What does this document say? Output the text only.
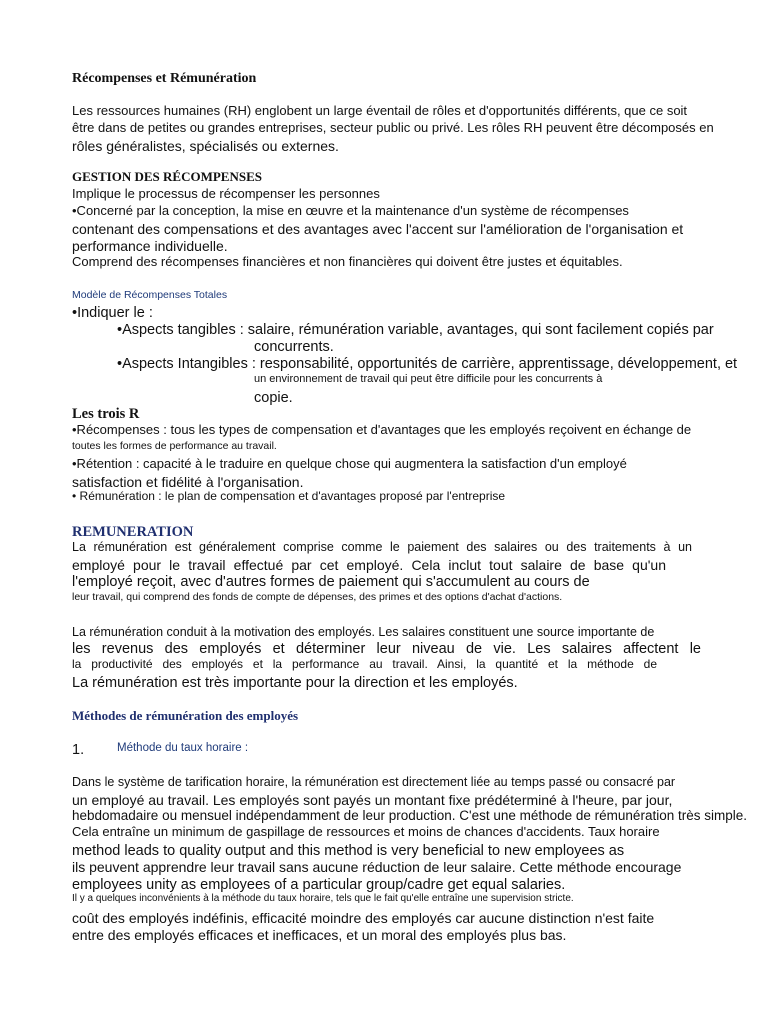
Récompenses et Rémunération

Les ressources humaines (RH) englobent un large éventail de rôles et d'opportunités différents, que ce soit

être dans de petites ou grandes entreprises, secteur public ou privé. Les rôles RH peuvent être décomposés en

rôles généralistes, spécialisés ou externes.

GESTION DES RÉCOMPENSES

Implique le processus de récompenser les personnes

•Concerné par la conception, la mise en œuvre et la maintenance d'un système de récompenses

contenant des compensations et des avantages avec l'accent sur l'amélioration de l'organisation et

performance individuelle.

Comprend des récompenses financières et non financières qui doivent être justes et équitables.

Modèle de Récompenses Totales

•Indiquer le :

•Aspects tangibles : salaire, rémunération variable, avantages, qui sont facilement copiés par

concurrents.

•Aspects Intangibles : responsabilité, opportunités de carrière, apprentissage, développement, et

un environnement de travail qui peut être difficile pour les concurrents à

copie.

Les trois R

•Récompenses : tous les types de compensation et d'avantages que les employés reçoivent en échange de

toutes les formes de performance au travail.

•Rétention : capacité à le traduire en quelque chose qui augmentera la satisfaction d'un employé

satisfaction et fidélité à l'organisation.

• Rémunération : le plan de compensation et d'avantages proposé par l'entreprise

REMUNERATION

La rémunération est généralement comprise comme le paiement des salaires ou des traitements à un

employé pour le travail effectué par cet employé. Cela inclut tout salaire de base qu'un

l'employé reçoit, avec d'autres formes de paiement qui s'accumulent au cours de

leur travail, qui comprend des fonds de compte de dépenses, des primes et des options d'achat d'actions.

La rémunération conduit à la motivation des employés. Les salaires constituent une source importante de

les revenus des employés et déterminer leur niveau de vie. Les salaires affectent le

la productivité des employés et la performance au travail. Ainsi, la quantité et la méthode de

La rémunération est très importante pour la direction et les employés.

Méthodes de rémunération des employés

1.	Méthode du taux horaire :

Dans le système de tarification horaire, la rémunération est directement liée au temps passé ou consacré par

un employé au travail. Les employés sont payés un montant fixe prédéterminé à l'heure, par jour,

hebdomadaire ou mensuel indépendamment de leur production. C'est une méthode de rémunération très simple.

Cela entraîne un minimum de gaspillage de ressources et moins de chances d'accidents. Taux horaire

method leads to quality output and this method is very beneficial to new employees as

ils peuvent apprendre leur travail sans aucune réduction de leur salaire. Cette méthode encourage

employees unity as employees of a particular group/cadre get equal salaries.

Il y a quelques inconvénients à la méthode du taux horaire, tels que le fait qu'elle entraîne une supervision stricte.

coût des employés indéfinis, efficacité moindre des employés car aucune distinction n'est faite

entre des employés efficaces et inefficaces, et un moral des employés plus bas.
